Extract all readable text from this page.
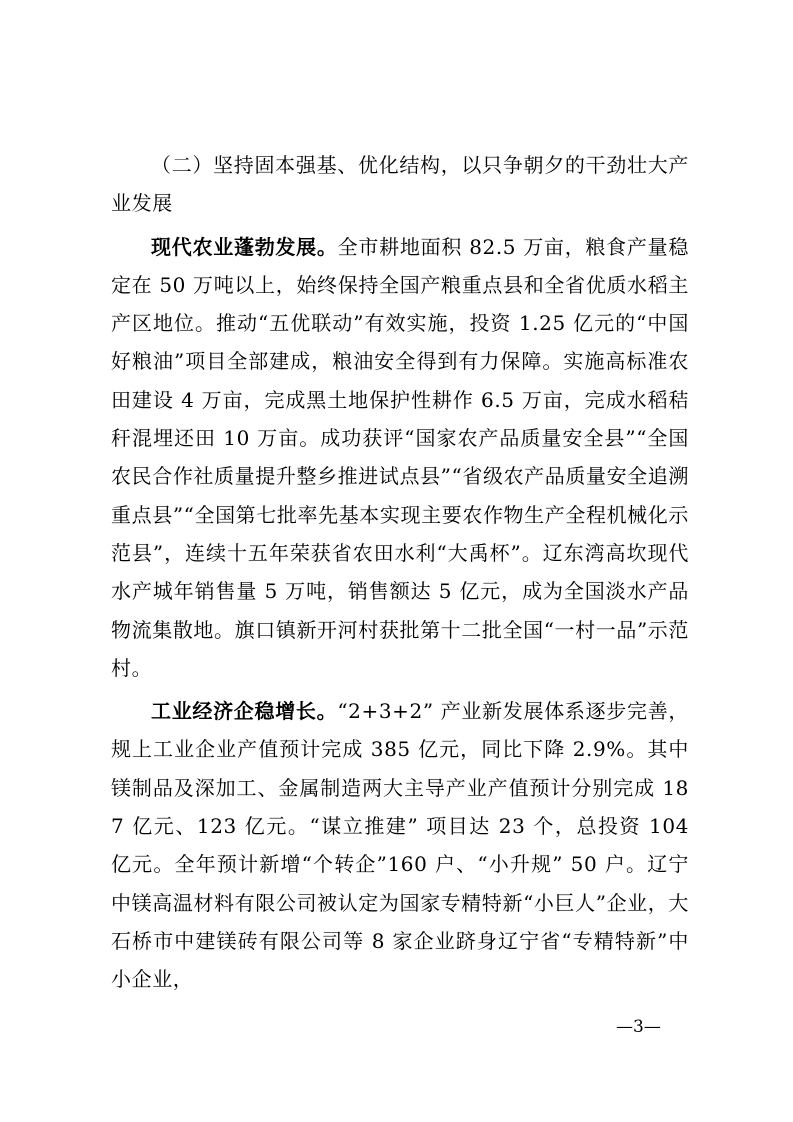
（二）坚持固本强基、优化结构，以只争朝夕的干劲壮大产业发展

现代农业蓬勃发展。全市耕地面积 82.5 万亩，粮食产量稳定在 50 万吨以上，始终保持全国产粮重点县和全省优质水稻主产区地位。推动“五优联动”有效实施，投资 1.25 亿元的“中国好粮油”项目全部建成，粮油安全得到有力保障。实施高标准农田建设 4 万亩，完成黑土地保护性耕作 6.5 万亩，完成水稻秸秆混埋还田 10 万亩。成功获评“国家农产品质量安全县”“全国农民合作社质量提升整乡推进试点县”“省级农产品质量安全追溯重点县”“全国第七批率先基本实现主要农作物生产全程机械化示范县”，连续十五年荣获省农田水利“大禹杯”。辽东湾高坎现代水产城年销售量 5 万吨，销售额达 5 亿元，成为全国淡水产品物流集散地。旗口镇新开河村获批第十二批全国“一村一品”示范村。

工业经济企稳增长。“2+3+2” 产业新发展体系逐步完善，规上工业企业产值预计完成 385 亿元，同比下降 2.9%。其中镁制品及深加工、金属制造两大主导产业产值预计分别完成 187 亿元、123 亿元。“谋立推建” 项目达 23 个，总投资 104 亿元。全年预计新增“个转企”160 户、“小升规” 50 户。辽宁中镁高温材料有限公司被认定为国家专精特新“小巨人”企业，大石桥市中建镁砖有限公司等 8 家企业跻身辽宁省“专精特新”中小企业，

—3—
